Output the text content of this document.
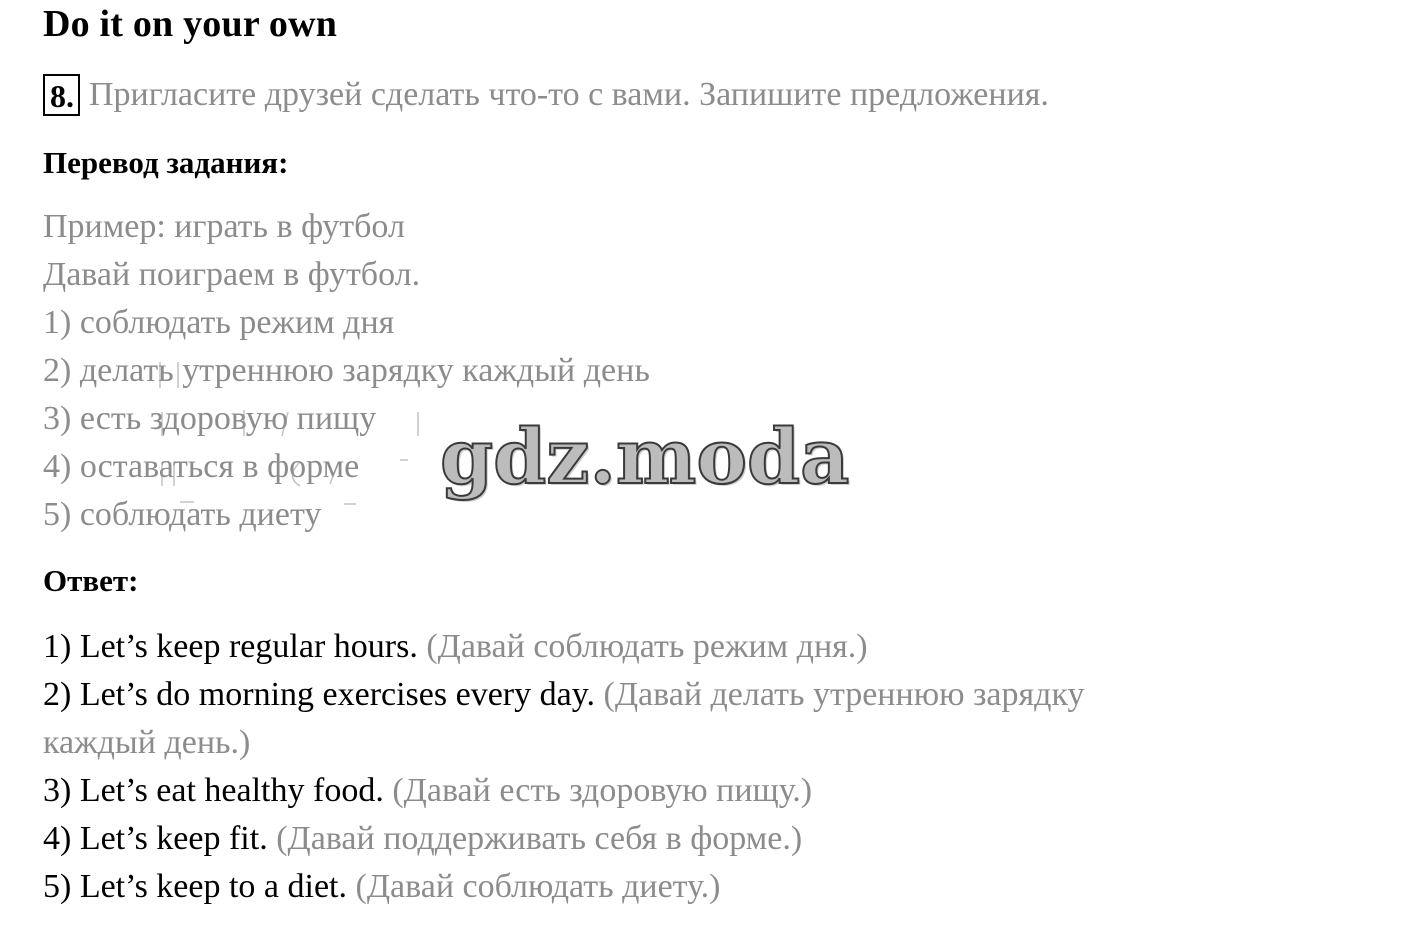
Do it on your own
8. Пригласите друзей сделать что-то с вами. Запишите предложения.
Перевод задания:
Пример: играть в футбол
Давай поиграем в футбол.
1) соблюдать режим дня
2) делать утреннюю зарядку каждый день
3) есть здоровую пищу
4) оставаться в форме
5) соблюдать диету
gdz.moda
Ответ:
1) Let’s keep regular hours. (Давай соблюдать режим дня.)
2) Let’s do morning exercises every day. (Давай делать утреннюю зарядку
каждый день.)
3) Let’s eat healthy food. (Давай есть здоровую пищу.)
4) Let’s keep fit. (Давай поддерживать себя в форме.)
5) Let’s keep to a diet. (Давай соблюдать диету.)
